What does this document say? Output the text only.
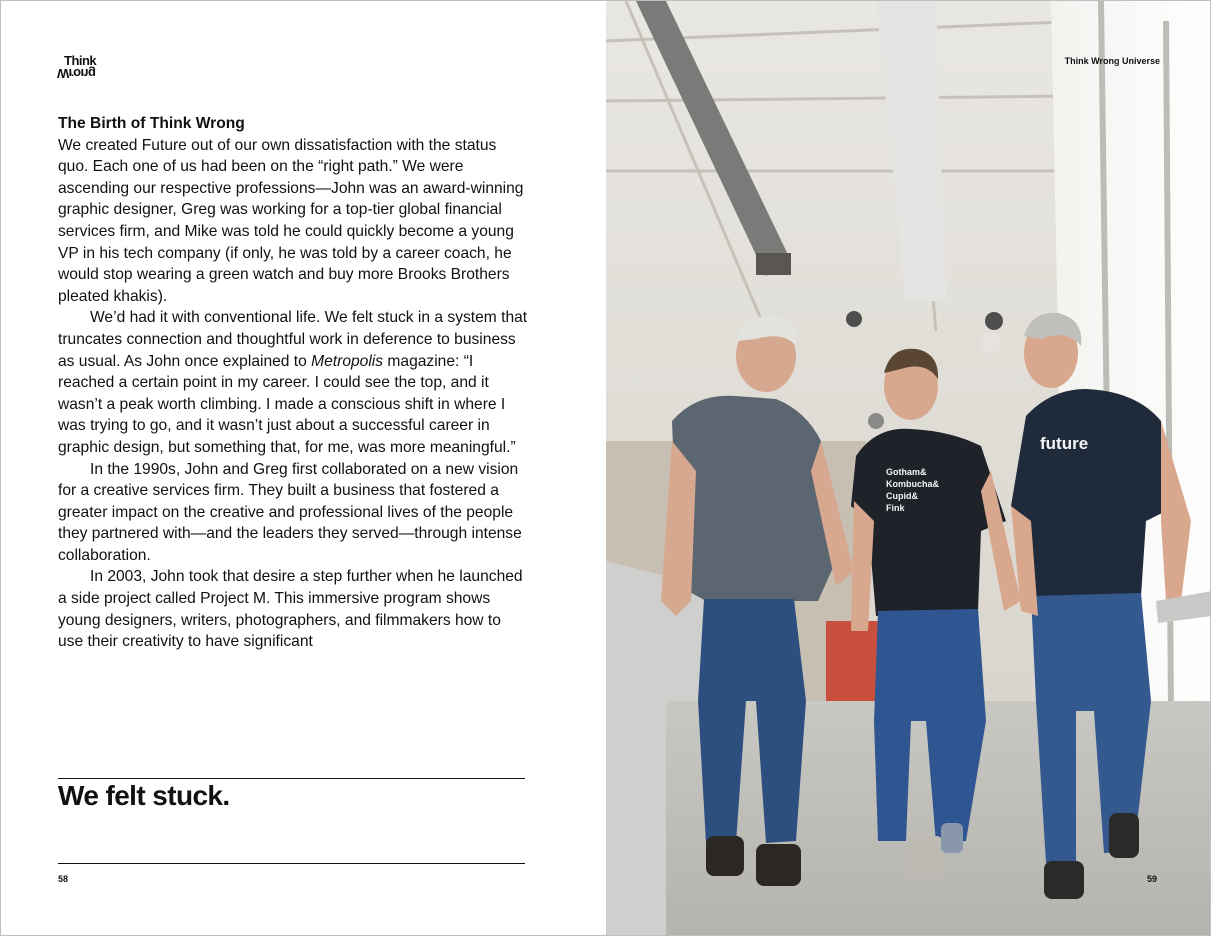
Think
Wrong
The Birth of Think Wrong

We created Future out of our own dissatisfaction with the status quo. Each one of us had been on the “right path.” We were ascending our respective professions—John was an award-winning graphic designer, Greg was working for a top-tier global financial services firm, and Mike was told he could quickly become a young VP in his tech company (if only, he was told by a career coach, he would stop wearing a green watch and buy more Brooks Brothers pleated khakis).

We’d had it with conventional life. We felt stuck in a system that truncates connection and thoughtful work in deference to business as usual. As John once explained to Metropolis magazine: “I reached a certain point in my career. I could see the top, and it wasn’t a peak worth climbing. I made a conscious shift in where I was trying to go, and it wasn’t just about a successful career in graphic design, but something that, for me, was more meaningful.”

In the 1990s, John and Greg first collaborated on a new vision for a creative services firm. They built a business that fostered a greater impact on the creative and professional lives of the people they partnered with—and the leaders they served—through intense collaboration.

In 2003, John took that desire a step further when he launched a side project called Project M. This immersive program shows young designers, writers, photographers, and filmmakers how to use their creativity to have significant

We felt stuck.
58
Gotham&
Kombucha&
Cupid&
Fink
future
Think Wrong Universe
59
